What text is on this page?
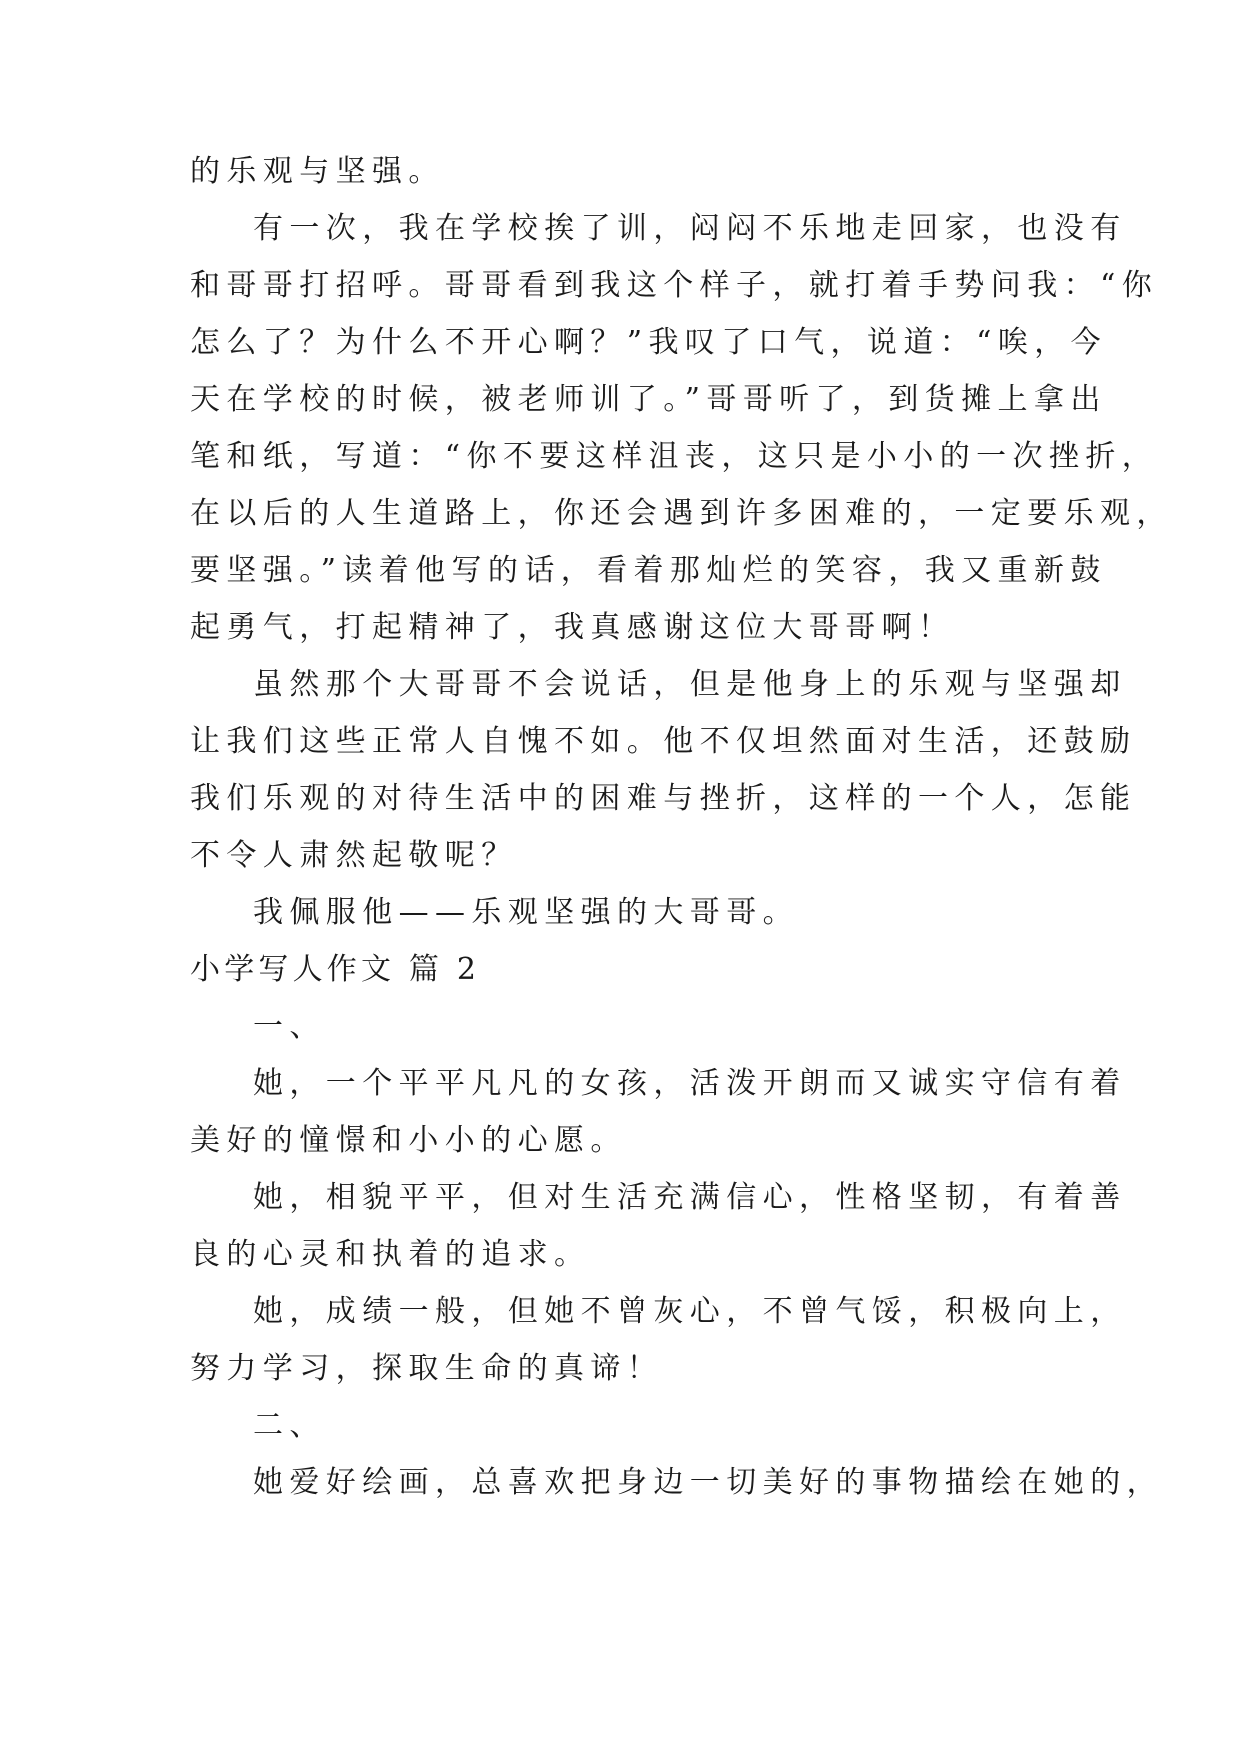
的乐观与坚强。
有一次，我在学校挨了训，闷闷不乐地走回家，也没有
和哥哥打招呼。哥哥看到我这个样子，就打着手势问我：“你
怎么了？为什么不开心啊？”我叹了口气，说道：“唉，今
天在学校的时候，被老师训了。”哥哥听了，到货摊上拿出
笔和纸，写道：“你不要这样沮丧，这只是小小的一次挫折，
在以后的人生道路上，你还会遇到许多困难的，一定要乐观，
要坚强。”读着他写的话，看着那灿烂的笑容，我又重新鼓
起勇气，打起精神了，我真感谢这位大哥哥啊！
虽然那个大哥哥不会说话，但是他身上的乐观与坚强却
让我们这些正常人自愧不如。他不仅坦然面对生活，还鼓励
我们乐观的对待生活中的困难与挫折，这样的一个人，怎能
不令人肃然起敬呢？
我佩服他——乐观坚强的大哥哥。
小学写人作文 篇 2
一、
她，一个平平凡凡的女孩，活泼开朗而又诚实守信有着
美好的憧憬和小小的心愿。
她，相貌平平，但对生活充满信心，性格坚韧，有着善
良的心灵和执着的追求。
她，成绩一般，但她不曾灰心，不曾气馁，积极向上，
努力学习，探取生命的真谛！
二、
她爱好绘画，总喜欢把身边一切美好的事物描绘在她的，
